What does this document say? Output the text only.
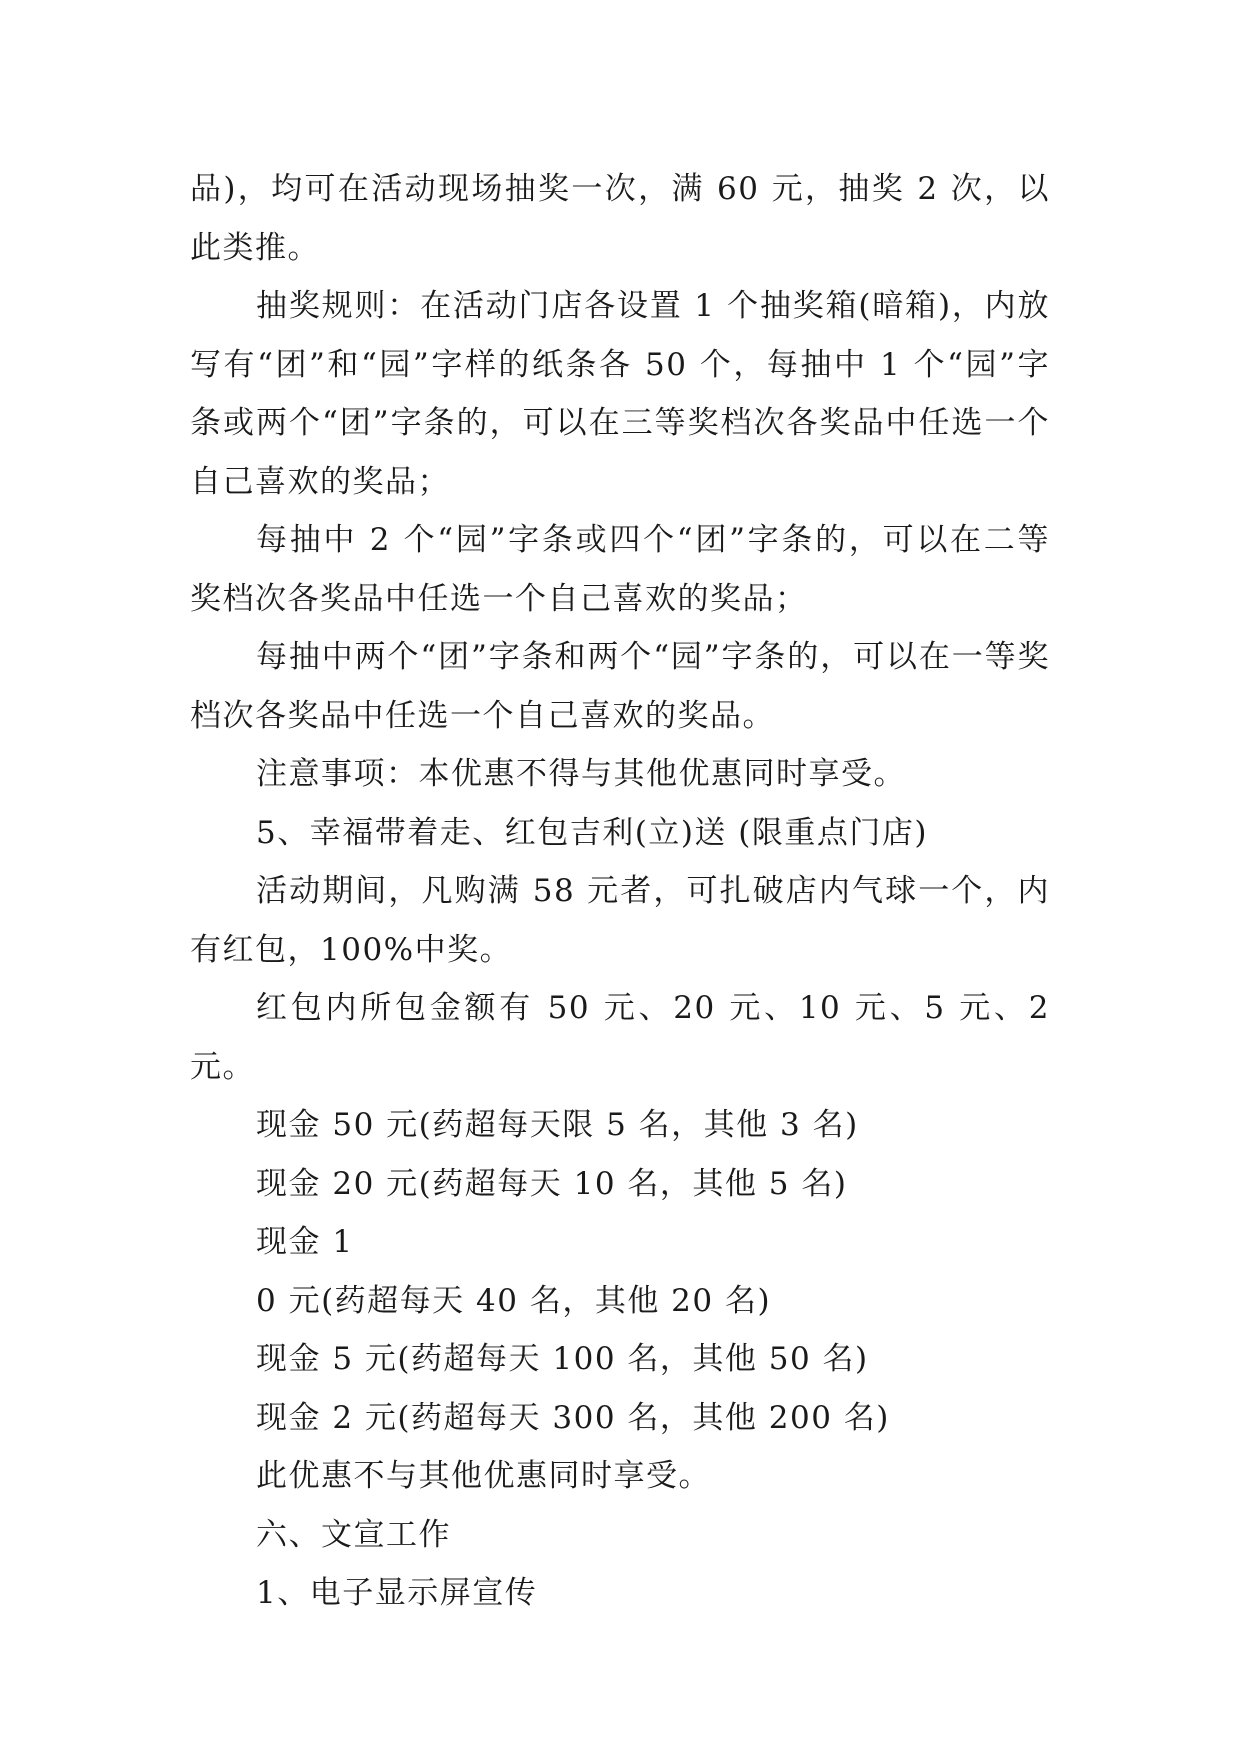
品)，均可在活动现场抽奖一次，满 60 元，抽奖 2 次，以此类推。

抽奖规则：在活动门店各设置 1 个抽奖箱(暗箱)，内放写有“团”和“园”字样的纸条各 50 个，每抽中 1 个“园”字条或两个“团”字条的，可以在三等奖档次各奖品中任选一个自己喜欢的奖品；

每抽中 2 个“园”字条或四个“团”字条的，可以在二等奖档次各奖品中任选一个自己喜欢的奖品；

每抽中两个“团”字条和两个“园”字条的，可以在一等奖档次各奖品中任选一个自己喜欢的奖品。

注意事项：本优惠不得与其他优惠同时享受。

5、幸福带着走、红包吉利(立)送 (限重点门店)

活动期间，凡购满 58 元者，可扎破店内气球一个，内有红包，100%中奖。

红包内所包金额有 50 元、20 元、10 元、5 元、2 元。

现金 50 元(药超每天限 5 名，其他 3 名)

现金 20 元(药超每天 10 名，其他 5 名)

现金 1

0 元(药超每天 40 名，其他 20 名)

现金 5 元(药超每天 100 名，其他 50 名)

现金 2 元(药超每天 300 名，其他 200 名)

此优惠不与其他优惠同时享受。

六、文宣工作

1、电子显示屏宣传
